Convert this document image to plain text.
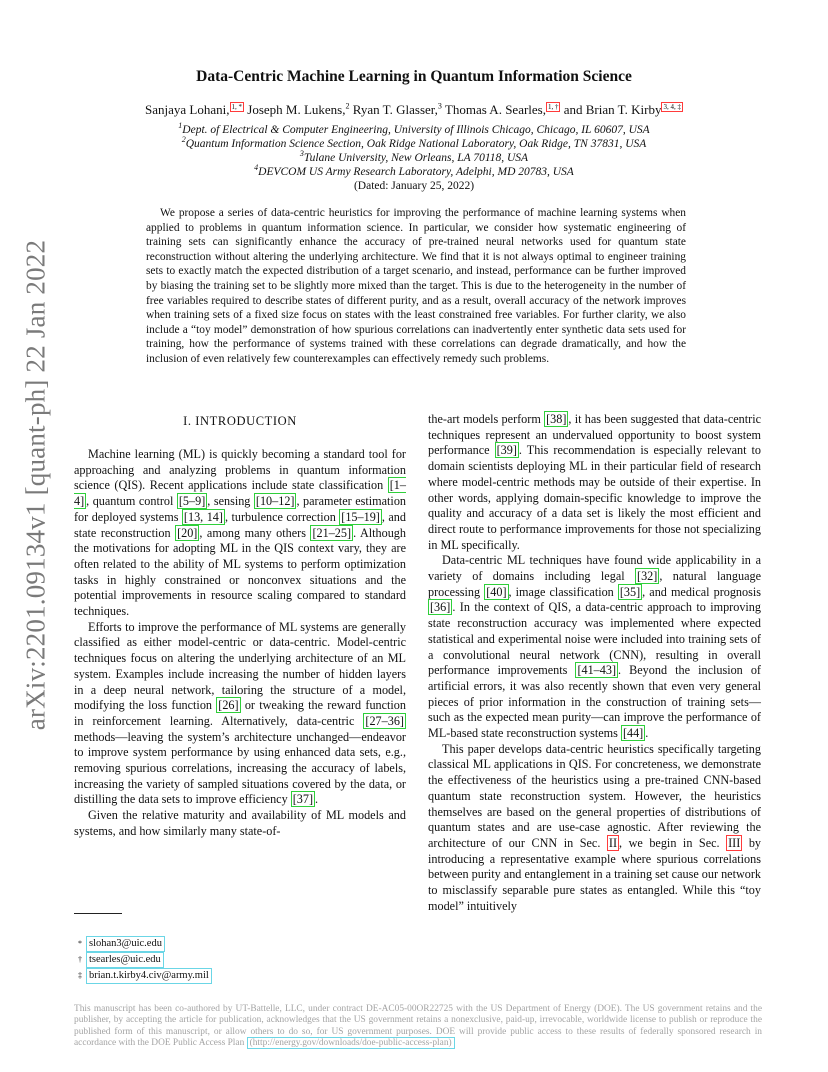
arXiv:2201.09134v1 [quant-ph] 22 Jan 2022
Data-Centric Machine Learning in Quantum Information Science
Sanjaya Lohani, $^{1, *}$ Joseph M. Lukens,$^2$ Ryan T. Glasser,$^3$ Thomas A. Searles, $^{1, \dagger}$ and Brian T. Kirby $^{3, 4, \ddagger}$
$^1$Dept. of Electrical & Computer Engineering, University of Illinois Chicago, Chicago, IL 60607, USA
$^2$Quantum Information Science Section, Oak Ridge National Laboratory, Oak Ridge, TN 37831, USA
$^3$Tulane University, New Orleans, LA 70118, USA
$^4$DEVCOM US Army Research Laboratory, Adelphi, MD 20783, USA
(Dated: January 25, 2022)
We propose a series of data-centric heuristics for improving the performance of machine learning systems when applied to problems in quantum information science. In particular, we consider how systematic engineering of training sets can significantly enhance the accuracy of pre-trained neural networks used for quantum state reconstruction without altering the underlying architecture. We find that it is not always optimal to engineer training sets to exactly match the expected distribution of a target scenario, and instead, performance can be further improved by biasing the training set to be slightly more mixed than the target. This is due to the heterogeneity in the number of free variables required to describe states of different purity, and as a result, overall accuracy of the network improves when training sets of a fixed size focus on states with the least constrained free variables. For further clarity, we also include a “toy model” demonstration of how spurious correlations can inadvertently enter synthetic data sets used for training, how the performance of systems trained with these correlations can degrade dramatically, and how the inclusion of even relatively few counterexamples can effectively remedy such problems.
I. INTRODUCTION

Machine learning (ML) is quickly becoming a standard tool for approaching and analyzing problems in quantum information science (QIS). Recent applications include state classification [1–4] , quantum control [5–9] , sensing [10–12] , parameter estimation for deployed systems [13, 14] , turbulence correction [15–19] , and state reconstruction [20] , among many others [21–25] . Although the motivations for adopting ML in the QIS context vary, they are often related to the ability of ML systems to perform optimization tasks in highly constrained or nonconvex situations and the potential improvements in resource scaling compared to standard techniques.

Efforts to improve the performance of ML systems are generally classified as either model-centric or data-centric. Model-centric techniques focus on altering the underlying architecture of an ML system. Examples include increasing the number of hidden layers in a deep neural network, tailoring the structure of a model, modifying the loss function [26] or tweaking the reward function in reinforcement learning. Alternatively, data-centric [27–36] methods—leaving the system’s architecture unchanged—endeavor to improve system performance by using enhanced data sets, e.g., removing spurious correlations, increasing the accuracy of labels, increasing the variety of sampled situations covered by the data, or distilling the data sets to improve efficiency [37] .

Given the relative maturity and availability of ML models and systems, and how similarly many state-of-

the-art models perform [38] , it has been suggested that data-centric techniques represent an undervalued opportunity to boost system performance [39] . This recommendation is especially relevant to domain scientists deploying ML in their particular field of research where model-centric methods may be outside of their expertise. In other words, applying domain-specific knowledge to improve the quality and accuracy of a data set is likely the most efficient and direct route to performance improvements for those not specializing in ML specifically.

Data-centric ML techniques have found wide applicability in a variety of domains including legal [32] , natural language processing [40] , image classification [35] , and medical prognosis [36] . In the context of QIS, a data-centric approach to improving state reconstruction accuracy was implemented where expected statistical and experimental noise were included into training sets of a convolutional neural network (CNN), resulting in overall performance improvements [41–43] . Beyond the inclusion of artificial errors, it was also recently shown that even very general pieces of prior information in the construction of training sets—such as the expected mean purity—can improve the performance of ML-based state reconstruction systems [44] .

This paper develops data-centric heuristics specifically targeting classical ML applications in QIS. For concreteness, we demonstrate the effectiveness of the heuristics using a pre-trained CNN-based quantum state reconstruction system. However, the heuristics themselves are based on the general properties of distributions of quantum states and are use-case agnostic. After reviewing the architecture of our CNN in Sec. II , we begin in Sec. III by introducing a representative example where spurious correlations between purity and entanglement in a training set cause our network to misclassify separable pure states as entangled. While this “toy model” intuitively

* slohan3@uic.edu
† tsearles@uic.edu
‡ brian.t.kirby4.civ@army.mil
This manuscript has been co-authored by UT-Battelle, LLC, under contract DE-AC05-00OR22725 with the US Department of Energy (DOE). The US government retains and the publisher, by accepting the article for publication, acknowledges that the US government retains a nonexclusive, paid-up, irrevocable, worldwide license to publish or reproduce the published form of this manuscript, or allow others to do so, for US government purposes. DOE will provide public access to these results of federally sponsored research in accordance with the DOE Public Access Plan (http://energy.gov/downloads/doe-public-access-plan)
